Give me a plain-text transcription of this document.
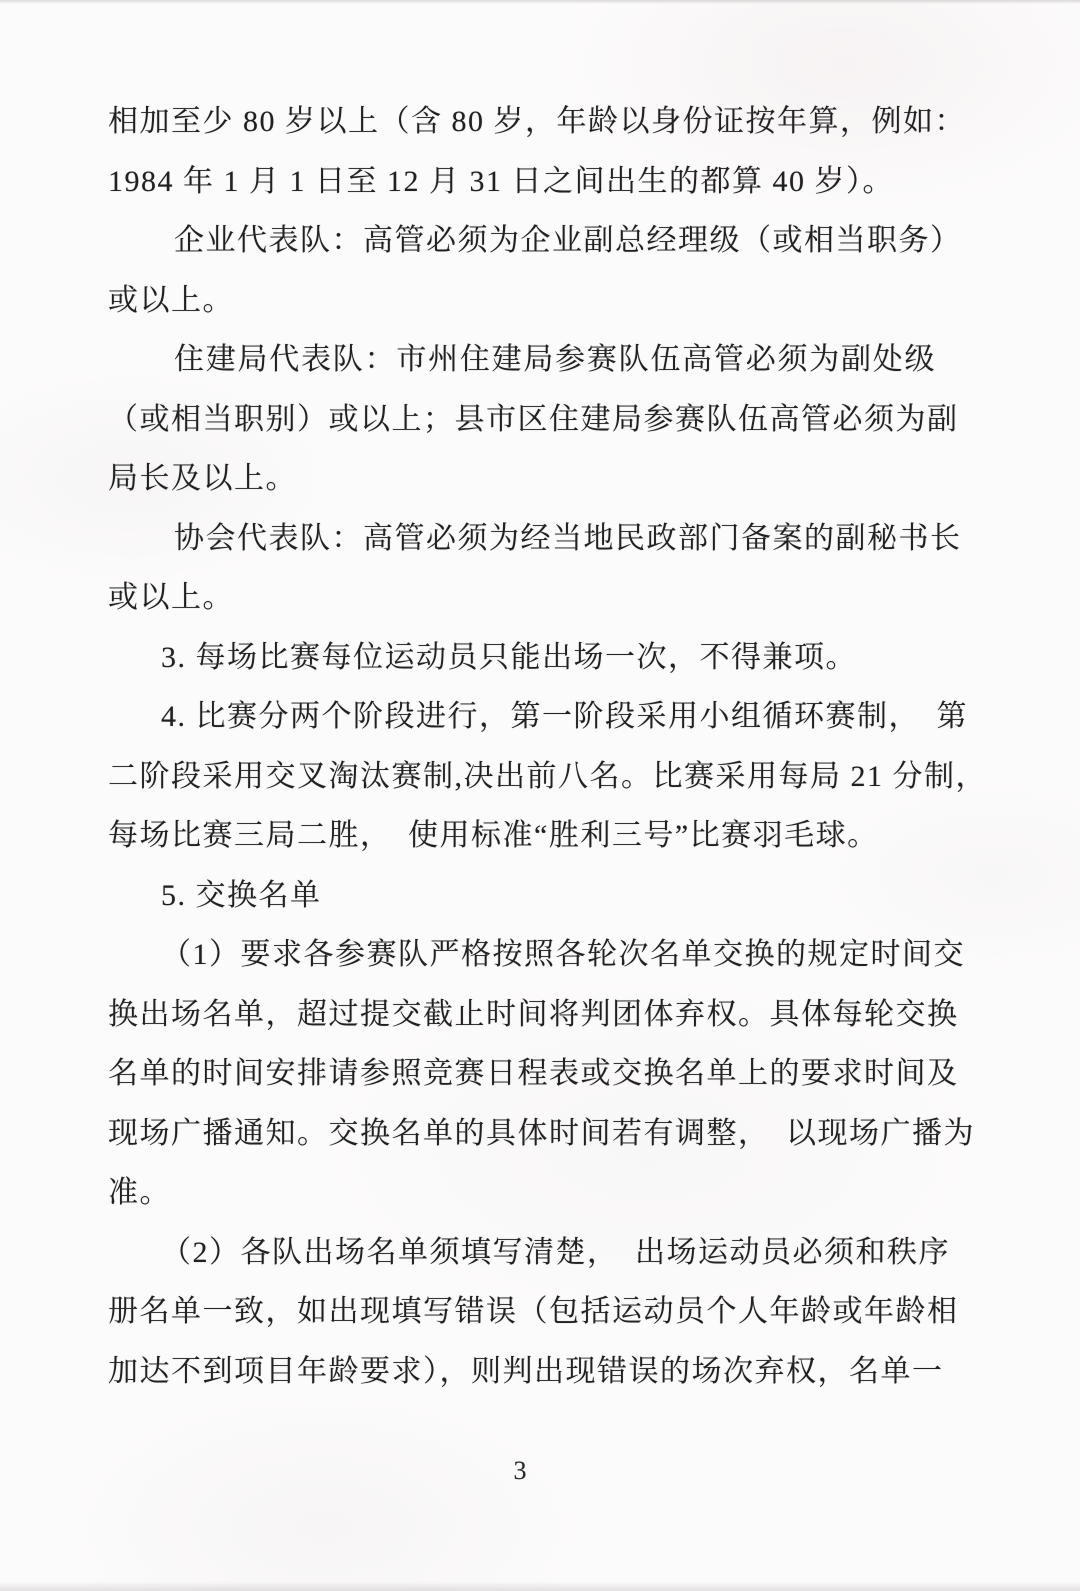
相加至少 80 岁以上（含 80 岁，年龄以身份证按年算，例如：
1984 年 1 月 1 日至 12 月 31 日之间出生的都算 40 岁）。
企业代表队：高管必须为企业副总经理级（或相当职务）
或以上。
住建局代表队：市州住建局参赛队伍高管必须为副处级
（或相当职别）或以上；县市区住建局参赛队伍高管必须为副
局长及以上。
协会代表队：高管必须为经当地民政部门备案的副秘书长
或以上。
3. 每场比赛每位运动员只能出场一次，不得兼项。
4. 比赛分两个阶段进行，第一阶段采用小组循环赛制，　第
二阶段采用交叉淘汰赛制,决出前八名。比赛采用每局 21 分制，
每场比赛三局二胜，　使用标准“胜利三号”比赛羽毛球。
5. 交换名单
（1）要求各参赛队严格按照各轮次名单交换的规定时间交
换出场名单，超过提交截止时间将判团体弃权。具体每轮交换
名单的时间安排请参照竞赛日程表或交换名单上的要求时间及
现场广播通知。交换名单的具体时间若有调整，　以现场广播为
准。
（2）各队出场名单须填写清楚，　出场运动员必须和秩序
册名单一致，如出现填写错误（包括运动员个人年龄或年龄相
加达不到项目年龄要求），则判出现错误的场次弃权，名单一
3
